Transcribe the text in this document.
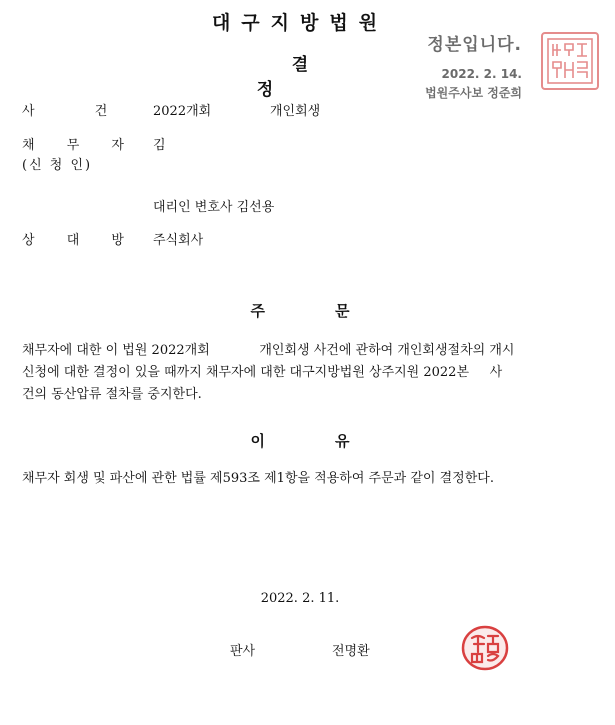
대구지방법원
결정
정본입니다.
2022. 2. 14.
법원주사보 정준희
사 건 2022개회	개인회생
채 무 자 김
(신 청 인)
대리인 변호사 김선용
상 대 방 주식회사
주문
채무자에 대한 이 법원 2022개회            개인회생 사건에 관하여 개인회생절차의 개시
신청에 대한 결정이 있을 때까지 채무자에 대한 대구지방법원 상주지원 2022본     사
건의 동산압류 절차를 중지한다.
이유
채무자 회생 및 파산에 관한 법률 제593조 제1항을 적용하여 주문과 같이 결정한다.
2022. 2. 11.
판사	전명환
